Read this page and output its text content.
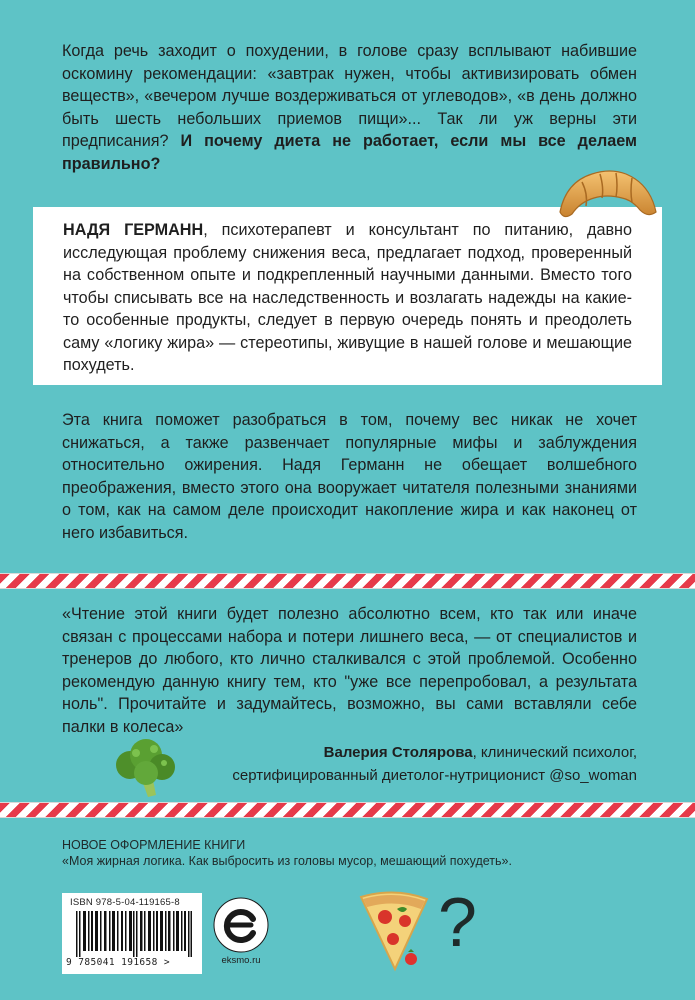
Когда речь заходит о похудении, в голове сразу всплывают набившие оскомину рекомендации: «завтрак нужен, чтобы активизировать обмен веществ», «вечером лучше воздерживаться от углеводов», «в день должно быть шесть небольших приемов пищи»... Так ли уж верны эти предписания? И почему диета не работает, если мы все делаем правильно?
НАДЯ ГЕРМАНН, психотерапевт и консультант по питанию, давно исследующая проблему снижения веса, предлагает подход, проверенный на собственном опыте и подкрепленный научными данными. Вместо того чтобы списывать все на наследственность и возлагать надежды на какие-то особенные продукты, следует в первую очередь понять и преодолеть саму «логику жира» — стереотипы, живущие в нашей голове и мешающие похудеть.
Эта книга поможет разобраться в том, почему вес никак не хочет снижаться, а также развенчает популярные мифы и заблуждения относительно ожирения. Надя Германн не обещает волшебного преображения, вместо этого она вооружает читателя полезными знаниями о том, как на самом деле происходит накопление жира и как наконец от него избавиться.
«Чтение этой книги будет полезно абсолютно всем, кто так или иначе связан с процессами набора и потери лишнего веса, — от специалистов и тренеров до любого, кто лично сталкивался с этой проблемой. Особенно рекомендую данную книгу тем, кто "уже все перепробовал, а результата ноль". Прочитайте и задумайтесь, возможно, вы сами вставляли себе палки в колеса»
Валерия Столярова, клинический психолог,
сертифицированный диетолог-нутриционист @so_woman
НОВОЕ ОФОРМЛЕНИЕ КНИГИ
«Моя жирная логика. Как выбросить из головы мусор, мешающий похудеть».
ISBN 978-5-04-119165-8
9 785041 191658 >	eksmo.ru	?
